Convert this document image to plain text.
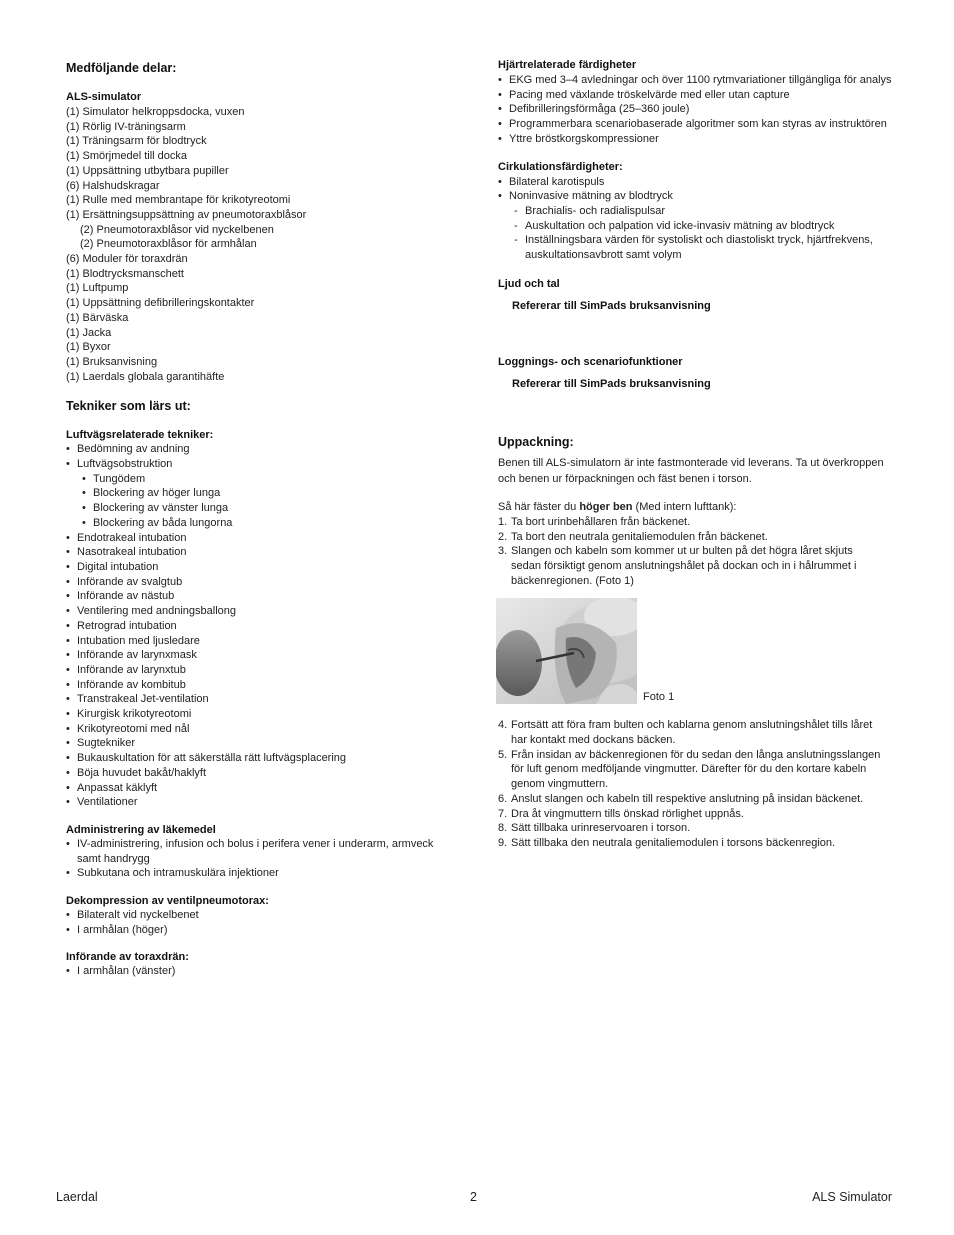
Medföljande delar:
ALS-simulator
(1) Simulator helkroppsdocka, vuxen
(1) Rörlig IV-träningsarm
(1) Träningsarm för blodtryck
(1) Smörjmedel till docka
(1) Uppsättning utbytbara pupiller
(6) Halshudskragar
(1) Rulle med membrantape för krikotyreotomi
(1) Ersättningsuppsättning av pneumotoraxblåsor
(2) Pneumotoraxblåsor vid nyckelbenen
(2) Pneumotoraxblåsor för armhålan
(6) Moduler för toraxdrän
(1) Blodtrycksmanschett
(1) Luftpump
(1) Uppsättning defibrilleringskontakter
(1) Bärväska
(1) Jacka
(1) Byxor
(1) Bruksanvisning
(1) Laerdals globala garantihäfte
Tekniker som lärs ut:
Luftvägsrelaterade tekniker:
• Bedömning av andning
• Luftvägsobstruktion
• Tungödem
• Blockering av höger lunga
• Blockering av vänster lunga
• Blockering av båda lungorna
• Endotrakeal intubation
• Nasotrakeal intubation
• Digital intubation
• Införande av svalgtub
• Införande av nästub
• Ventilering med andningsballong
• Retrograd intubation
• Intubation med ljusledare
• Införande av larynxmask
• Införande av larynxtub
• Införande av kombitub
• Transtrakeal Jet-ventilation
• Kirurgisk krikotyreotomi
• Krikotyreotomi med nål
• Sugtekniker
• Bukauskultation för att säkerställa rätt luftvägsplacering
• Böja huvudet bakåt/haklyft
• Anpassat käklyft
• Ventilationer
Administrering av läkemedel
• IV-administrering, infusion och bolus i perifera vener i underarm, armveck
samt handrygg
• Subkutana och intramuskulära injektioner
Dekompression av ventilpneumotorax:
• Bilateralt vid nyckelbenet
• I armhålan (höger)
Införande av toraxdrän:
• I armhålan (vänster)
Hjärtrelaterade färdigheter
• EKG med 3–4 avledningar och över 1100 rytmvariationer tillgängliga för analys
• Pacing med växlande tröskelvärde med eller utan capture
• Defibrilleringsförmåga (25–360 joule)
• Programmerbara scenariobaserade algoritmer som kan styras av instruktören
• Yttre bröstkorgskompressioner
Cirkulationsfärdigheter:
• Bilateral karotispuls
• Noninvasive mätning av blodtryck
- Brachialis- och radialispulsar
- Auskultation och palpation vid icke-invasiv mätning av blodtryck
- Inställningsbara värden för systoliskt och diastoliskt tryck, hjärtfrekvens,
auskultationsavbrott samt volym
Ljud och tal
Refererar till SimPads bruksanvisning
Loggnings- och scenariofunktioner
Refererar till SimPads bruksanvisning
Uppackning:
Benen till ALS-simulatorn är inte fastmonterade vid leverans. Ta ut överkroppen
och benen ur förpackningen och fäst benen i torson.
Så här fäster du höger ben (Med intern lufttank):
1. Ta bort urinbehållaren från bäckenet.
2. Ta bort den neutrala genitaliemodulen från bäckenet.
3. Slangen och kabeln som kommer ut ur bulten på det högra låret skjuts
sedan försiktigt genom anslutningshålet på dockan och in i hålrummet i
bäckenregionen. (Foto 1)
Foto 1
4. Fortsätt att föra fram bulten och kablarna genom anslutningshålet tills låret
har kontakt med dockans bäcken.
5. Från insidan av bäckenregionen för du sedan den långa anslutningsslangen
för luft genom medföljande vingmutter. Därefter för du den kortare kabeln
genom vingmuttern.
6. Anslut slangen och kabeln till respektive anslutning på insidan bäckenet.
7. Dra åt vingmuttern tills önskad rörlighet uppnås.
8. Sätt tillbaka urinreservoaren i torson.
9. Sätt tillbaka den neutrala genitaliemodulen i torsons bäckenregion.
Laerdal	2	ALS Simulator
